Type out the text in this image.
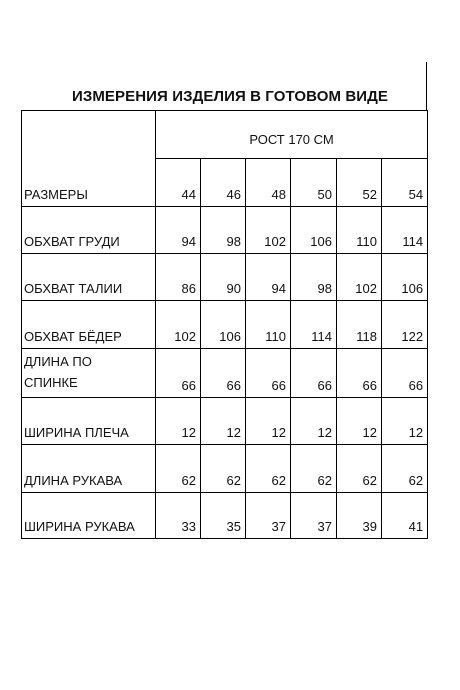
ИЗМЕРЕНИЯ ИЗДЕЛИЯ В ГОТОВОМ ВИДЕ
РАЗМЕРЫ	РОСТ 170 СМ					
	44	46	48	50	52	54
ОБХВАТ ГРУДИ	94	98	102	106	110	114
ОБХВАТ ТАЛИИ	86	90	94	98	102	106
ОБХВАТ БЁДЕР	102	106	110	114	118	122

ДЛИНА ПО
СПИНКЕ	66	66	66	66	66	66
ШИРИНА ПЛЕЧА	12	12	12	12	12	12
ДЛИНА РУКАВА	62	62	62	62	62	62
ШИРИНА РУКАВА	33	35	37	37	39	41
